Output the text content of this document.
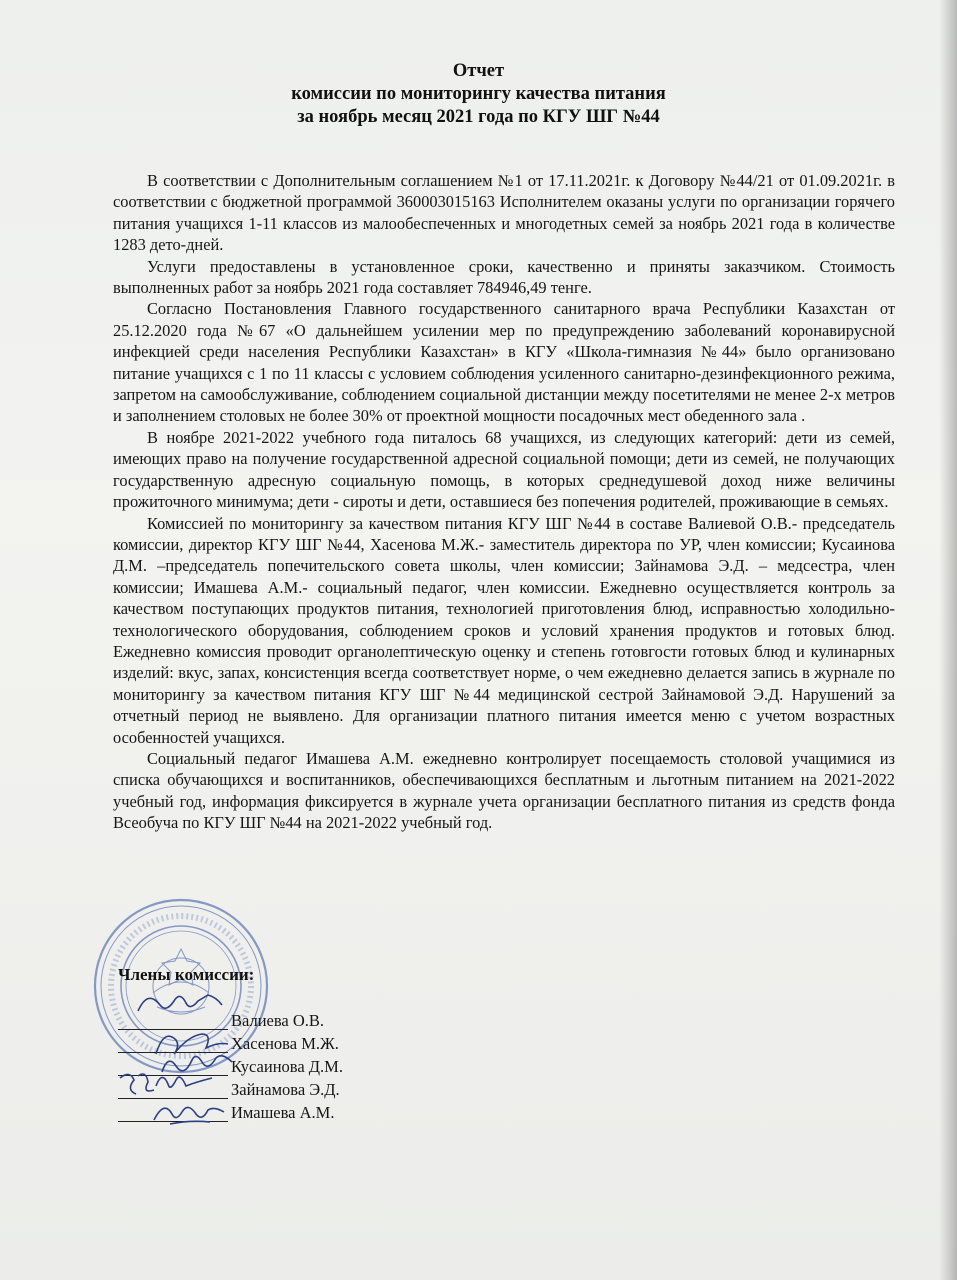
Отчет
комиссии по мониторингу качества питания
за ноябрь месяц 2021 года по КГУ ШГ №44

В соответствии с Дополнительным соглашением №1 от 17.11.2021г. к Договору №44/21 от 01.09.2021г. в соответствии с бюджетной программой 360003015163 Исполнителем оказаны услуги по организации горячего питания учащихся 1-11 классов из малообеспеченных и многодетных семей за ноябрь 2021 года в количестве 1283 дето-дней.

Услуги предоставлены в установленное сроки, качественно и приняты заказчиком. Стоимость выполненных работ за ноябрь 2021 года составляет 784946,49 тенге.

Согласно Постановления Главного государственного санитарного врача Республики Казахстан от 25.12.2020 года №67 «О дальнейшем усилении мер по предупреждению заболеваний коронавирусной инфекцией среди населения Республики Казахстан» в КГУ «Школа-гимназия №44» было организовано питание учащихся с 1 по 11 классы с условием соблюдения усиленного санитарно-дезинфекционного режима, запретом на самообслуживание, соблюдением социальной дистанции между посетителями не менее 2-х метров и заполнением столовых не более 30% от проектной мощности посадочных мест обеденного зала .

В ноябре 2021-2022 учебного года питалось 68 учащихся, из следующих категорий: дети из семей, имеющих право на получение государственной адресной социальной помощи; дети из семей, не получающих государственную адресную социальную помощь, в которых среднедушевой доход ниже величины прожиточного минимума; дети - сироты и дети, оставшиеся без попечения родителей, проживающие в семьях.

Комиссией по мониторингу за качеством питания КГУ ШГ №44 в составе Валиевой О.В.- председатель комиссии, директор КГУ ШГ №44, Хасенова М.Ж.- заместитель директора по УР, член комиссии; Кусаинова Д.М. –председатель попечительского совета школы, член комиссии; Зайнамова Э.Д. – медсестра, член комиссии; Имашева А.М.- социальный педагог, член комиссии. Ежедневно осуществляется контроль за качеством поступающих продуктов питания, технологией приготовления блюд, исправностью холодильно-технологического оборудования, соблюдением сроков и условий хранения продуктов и готовых блюд. Ежедневно комиссия проводит органолептическую оценку и степень готовгости готовых блюд и кулинарных изделий: вкус, запах, консистенция всегда соответствует норме, о чем ежедневно делается запись в журнале по мониторингу за качеством питания КГУ ШГ №44 медицинской сестрой Зайнамовой Э.Д. Нарушений за отчетный период не выявлено. Для организации платного питания имеется меню с учетом возрастных особенностей учащихся.

Социальный педагог Имашева А.М. ежедневно контролирует посещаемость столовой учащимися из списка обучающихся и воспитанников, обеспечивающихся бесплатным и льготным питанием на 2021-2022 учебный год, информация фиксируется в журнале учета организации бесплатного питания из средств фонда Всеобуча по КГУ ШГ №44 на 2021-2022 учебный год.

Члены комиссии:
Валиева О.В.
Хасенова М.Ж.
Кусаинова Д.М.
Зайнамова Э.Д.
Имашева А.М.
